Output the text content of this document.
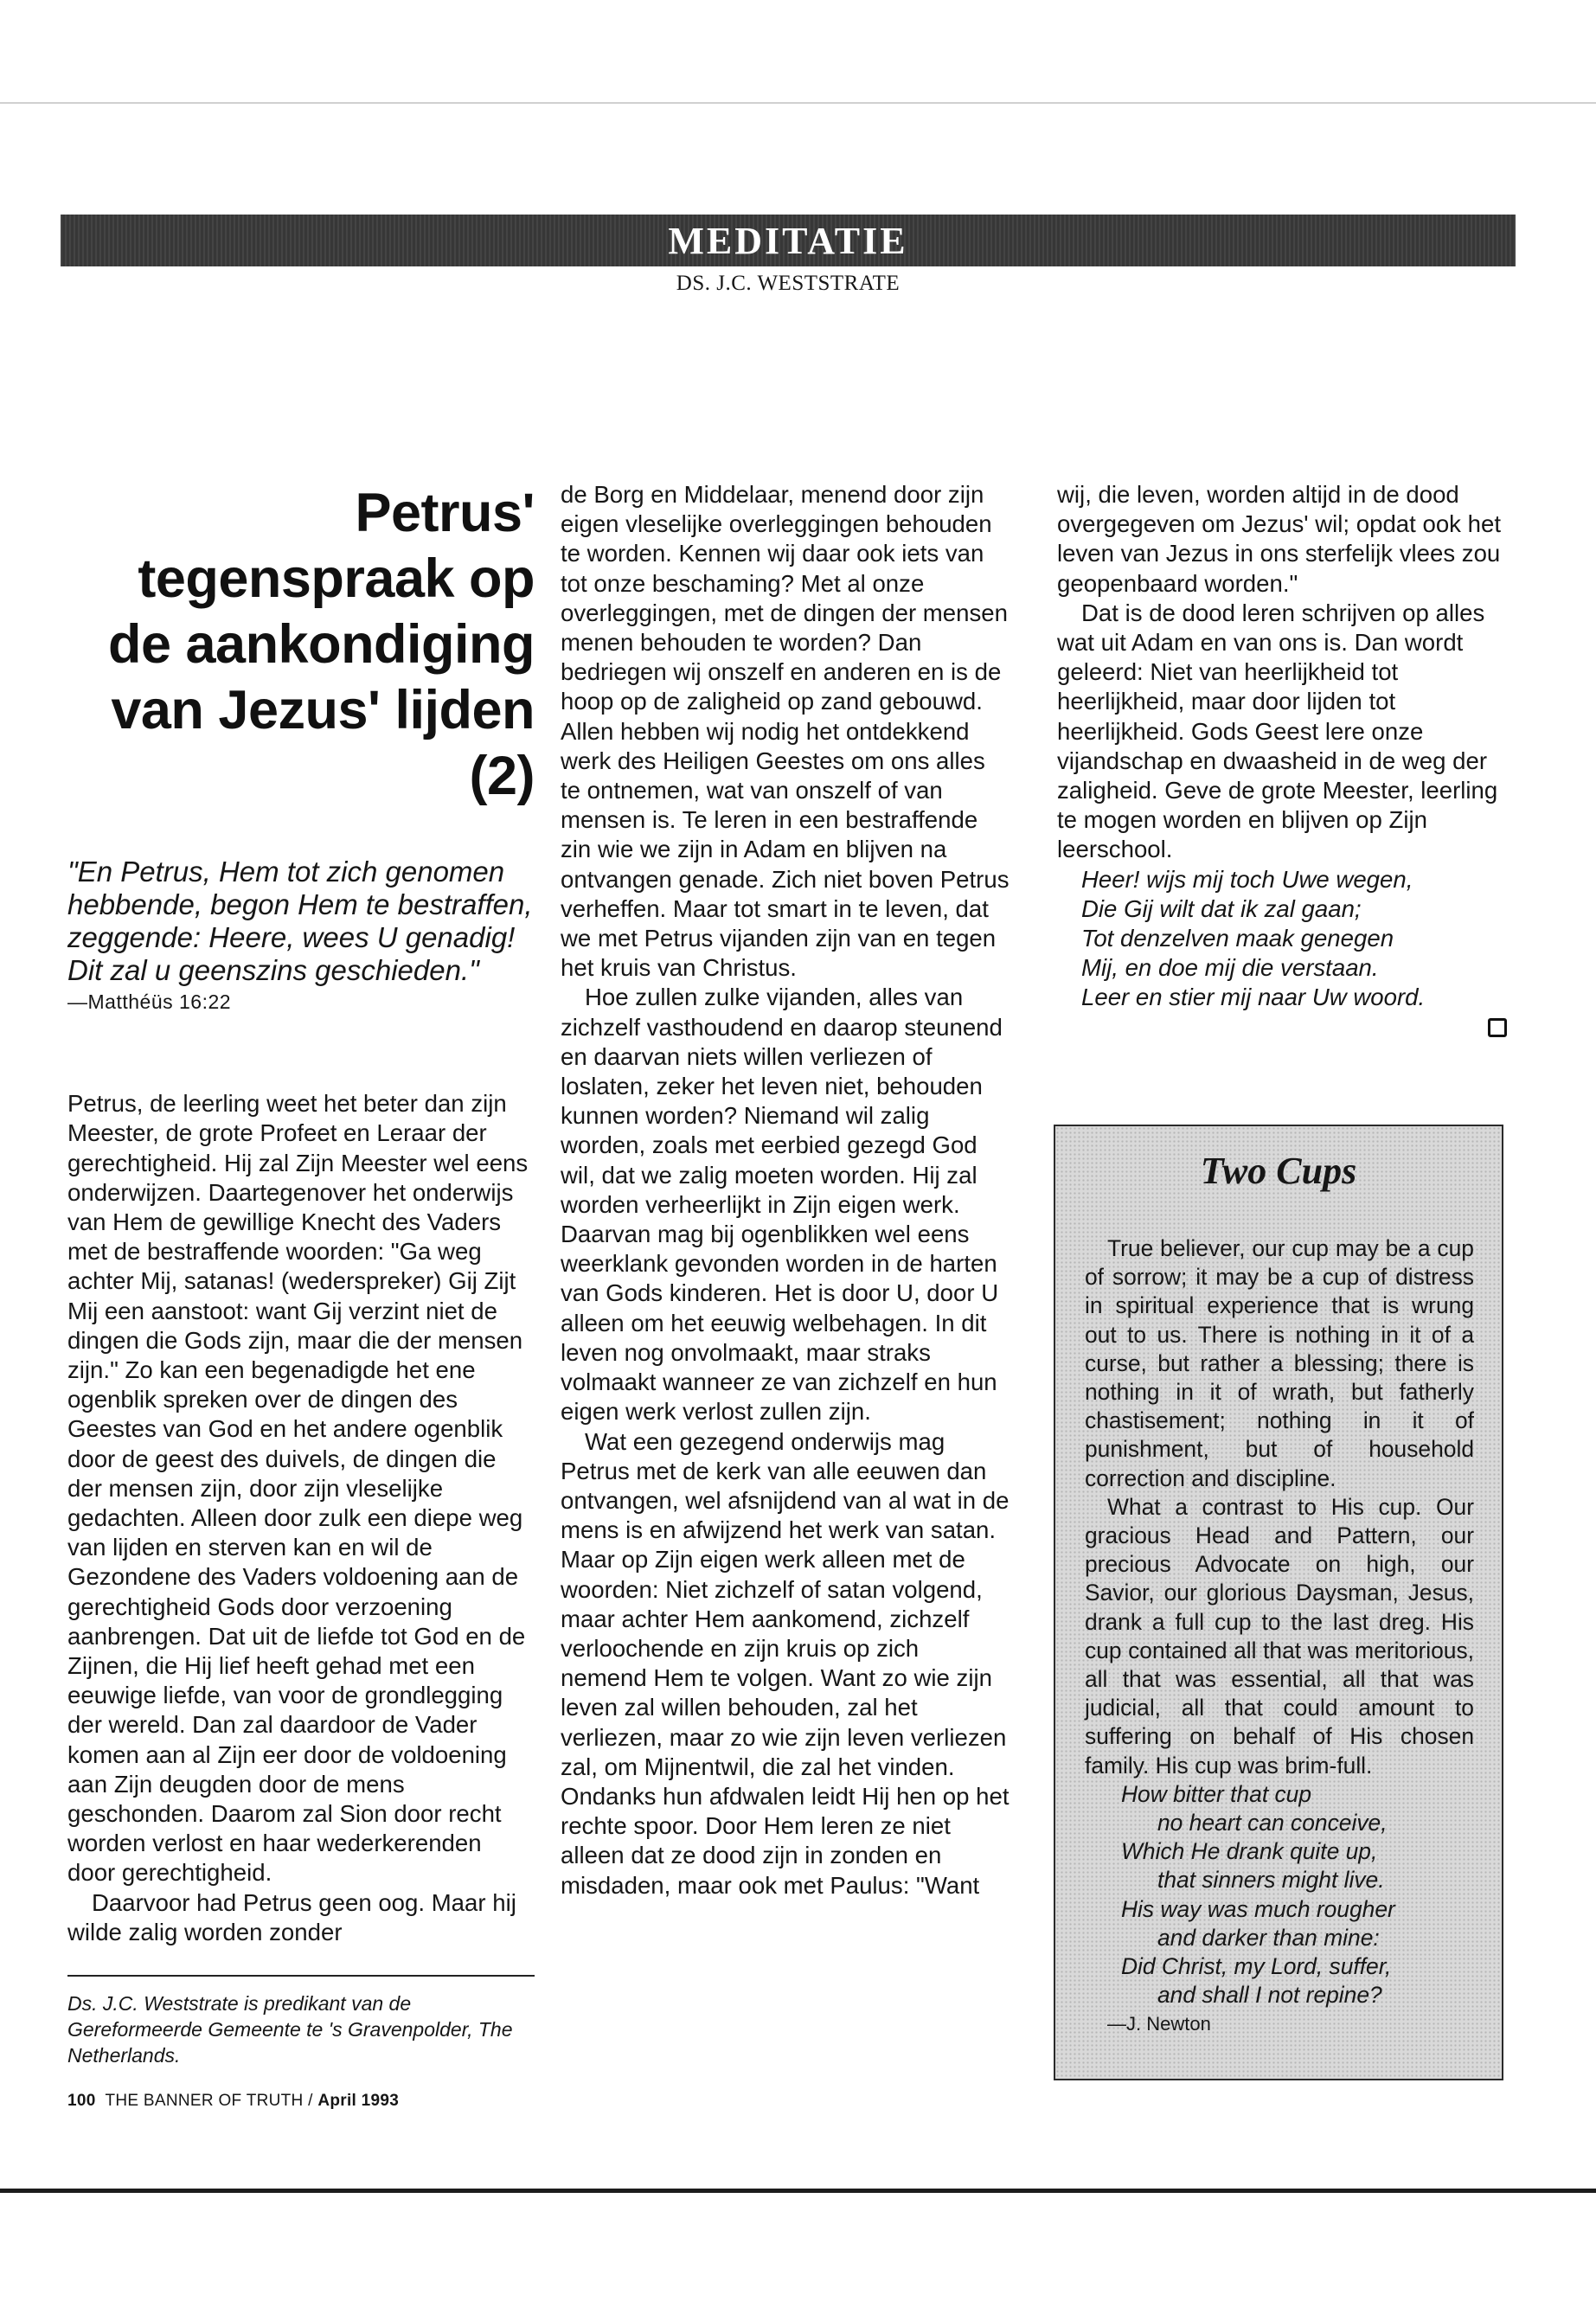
MEDITATIE
DS. J.C. WESTSTRATE
Petrus' tegenspraak op de aankondiging van Jezus' lijden (2)

"En Petrus, Hem tot zich genomen hebbende, begon Hem te bestraffen, zeggende: Heere, wees U genadig! Dit zal u geenszins geschieden."

—Matthéüs 16:22

Petrus, de leerling weet het beter dan zijn Meester, de grote Profeet en Leraar der gerechtigheid. Hij zal Zijn Meester wel eens onderwijzen. Daartegenover het onderwijs van Hem de gewillige Knecht des Vaders met de bestraffende woorden: "Ga weg achter Mij, satanas! (wederspreker) Gij Zijt Mij een aanstoot: want Gij verzint niet de dingen die Gods zijn, maar die der mensen zijn." Zo kan een begenadigde het ene ogenblik spreken over de dingen des Geestes van God en het andere ogenblik door de geest des duivels, de dingen die der mensen zijn, door zijn vleselijke gedachten. Alleen door zulk een diepe weg van lijden en sterven kan en wil de Gezondene des Vaders voldoening aan de gerechtigheid Gods door verzoening aanbrengen. Dat uit de liefde tot God en de Zijnen, die Hij lief heeft gehad met een eeuwige liefde, van voor de grondlegging der wereld. Dan zal daardoor de Vader komen aan al Zijn eer door de voldoening aan Zijn deugden door de mens geschonden. Daarom zal Sion door recht worden verlost en haar wederkerenden door gerechtigheid.

Daarvoor had Petrus geen oog. Maar hij wilde zalig worden zonder

Ds. J.C. Weststrate is predikant van de Gereformeerde Gemeente te 's Gravenpolder, The Netherlands.

de Borg en Middelaar, menend door zijn eigen vleselijke overleggingen behouden te worden. Kennen wij daar ook iets van tot onze beschaming? Met al onze overleggingen, met de dingen der mensen menen behouden te worden? Dan bedriegen wij onszelf en anderen en is de hoop op de zaligheid op zand gebouwd. Allen hebben wij nodig het ontdekkend werk des Heiligen Geestes om ons alles te ontnemen, wat van onszelf of van mensen is. Te leren in een bestraffende zin wie we zijn in Adam en blijven na ontvangen genade. Zich niet boven Petrus verheffen. Maar tot smart in te leven, dat we met Petrus vijanden zijn van en tegen het kruis van Christus.

Hoe zullen zulke vijanden, alles van zichzelf vasthoudend en daarop steunend en daarvan niets willen verliezen of loslaten, zeker het leven niet, behouden kunnen worden? Niemand wil zalig worden, zoals met eerbied gezegd God wil, dat we zalig moeten worden. Hij zal worden verheerlijkt in Zijn eigen werk. Daarvan mag bij ogenblikken wel eens weerklank gevonden worden in de harten van Gods kinderen. Het is door U, door U alleen om het eeuwig welbehagen. In dit leven nog onvolmaakt, maar straks volmaakt wanneer ze van zichzelf en hun eigen werk verlost zullen zijn.

Wat een gezegend onderwijs mag Petrus met de kerk van alle eeuwen dan ontvangen, wel afsnijdend van al wat in de mens is en afwijzend het werk van satan. Maar op Zijn eigen werk alleen met de woorden: Niet zichzelf of satan volgend, maar achter Hem aankomend, zichzelf verloochende en zijn kruis op zich nemend Hem te volgen. Want zo wie zijn leven zal willen behouden, zal het verliezen, maar zo wie zijn leven verliezen zal, om Mijnentwil, die zal het vinden. Ondanks hun afdwalen leidt Hij hen op het rechte spoor. Door Hem leren ze niet alleen dat ze dood zijn in zonden en misdaden, maar ook met Paulus: "Want

wij, die leven, worden altijd in de dood overgegeven om Jezus' wil; opdat ook het leven van Jezus in ons sterfelijk vlees zou geopenbaard worden."

Dat is de dood leren schrijven op alles wat uit Adam en van ons is. Dan wordt geleerd: Niet van heerlijkheid tot heerlijkheid, maar door lijden tot heerlijkheid. Gods Geest lere onze vijandschap en dwaasheid in de weg der zaligheid. Geve de grote Meester, leerling te mogen worden en blijven op Zijn leerschool.

Heer! wijs mij toch Uwe wegen,
Die Gij wilt dat ik zal gaan;
Tot denzelven maak genegen
Mij, en doe mij die verstaan.
Leer en stier mij naar Uw woord.
Two Cups

True believer, our cup may be a cup of sorrow; it may be a cup of distress in spiritual experience that is wrung out to us. There is nothing in it of a curse, but rather a blessing; there is nothing in it of wrath, but fatherly chastisement; nothing in it of punishment, but of household correction and discipline.

What a contrast to His cup. Our gracious Head and Pattern, our precious Advocate on high, our Savior, our glorious Daysman, Jesus, drank a full cup to the last dreg. His cup contained all that was meritorious, all that was essential, all that was judicial, all that could amount to suffering on behalf of His chosen family. His cup was brim-full.

How bitter that cup
no heart can conceive,
Which He drank quite up,
that sinners might live.
His way was much rougher
and darker than mine:
Did Christ, my Lord, suffer,
and shall I not repine?

—J. Newton

100 THE BANNER OF TRUTH / April 1993
